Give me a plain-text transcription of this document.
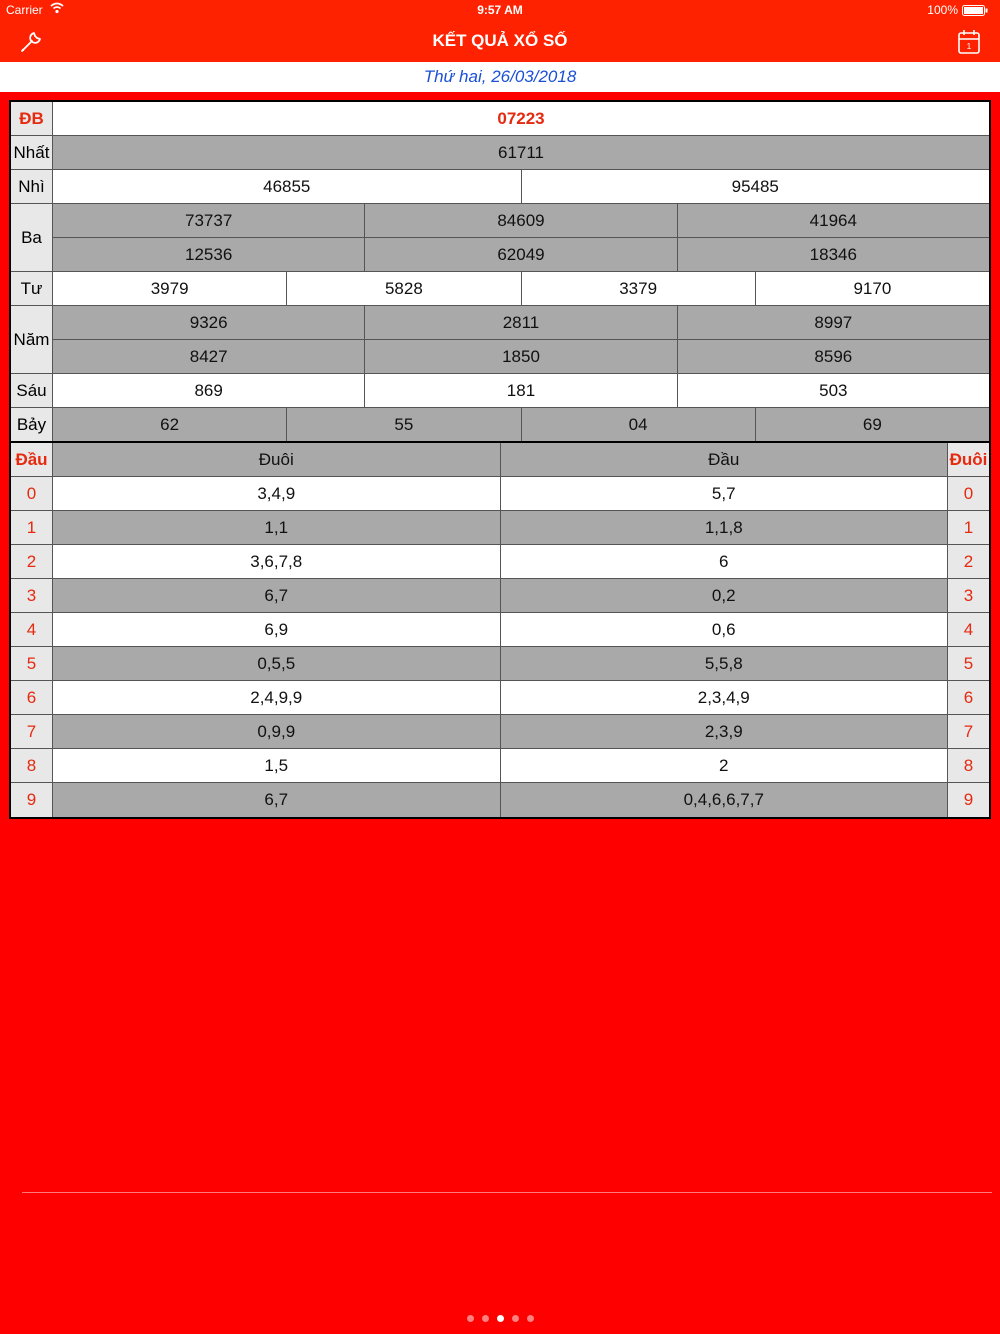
Carrier	9:57 AM	100%
KẾT QUẢ XỔ SỐ	1
Thứ hai, 26/03/2018
ĐB	07223
Nhất	61711
Nhì	46855	95485
Ba
73737	84609	41964
12536	62049	18346
Tư	3979	5828	3379	9170
Năm
9326	2811	8997
8427	1850	8596
Sáu	869	181	503
Bảy	62	55	04	69
Đầu	Đuôi	Đầu	Đuôi
0	3,4,9	5,7	0
1	1,1	1,1,8	1
2	3,6,7,8	6	2
3	6,7	0,2	3
4	6,9	0,6	4
5	0,5,5	5,5,8	5
6	2,4,9,9	2,3,4,9	6
7	0,9,9	2,3,9	7
8	1,5	2	8
9	6,7	0,4,6,6,7,7	9
